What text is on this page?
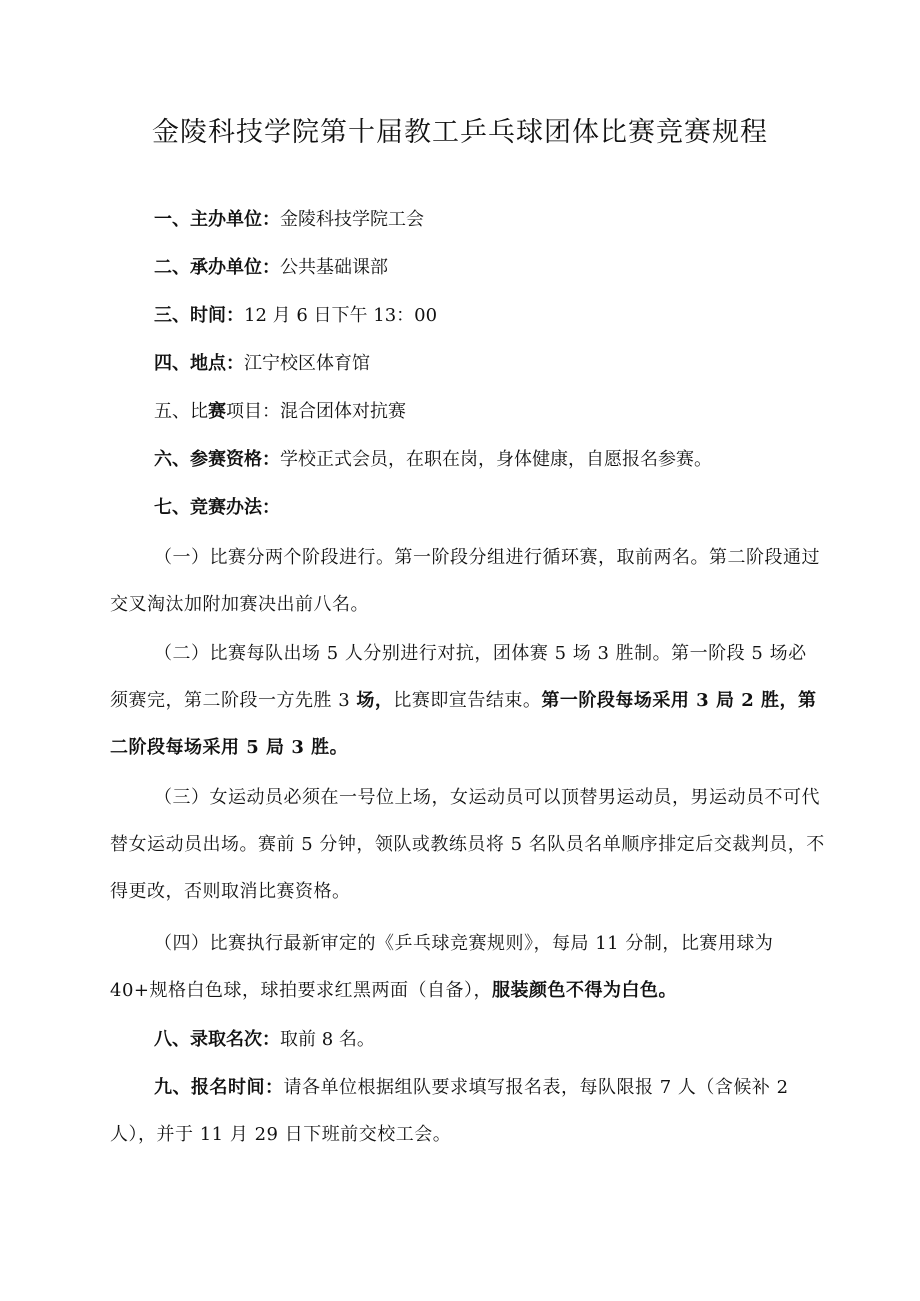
金陵科技学院第十届教工乒乓球团体比赛竞赛规程
一、主办单位：金陵科技学院工会
二、承办单位：公共基础课部
三、时间：12 月 6 日下午 13：00
四、地点：江宁校区体育馆
五、比赛项目：混合团体对抗赛
六、参赛资格：学校正式会员，在职在岗，身体健康，自愿报名参赛。
七、竞赛办法：
（一）比赛分两个阶段进行。第一阶段分组进行循环赛，取前两名。第二阶段通过交叉淘汰加附加赛决出前八名。
（二）比赛每队出场 5 人分别进行对抗，团体赛 5 场 3 胜制。第一阶段 5 场必须赛完，第二阶段一方先胜 3 场，比赛即宣告结束。第一阶段每场采用 3 局 2 胜，第二阶段每场采用 5 局 3 胜。
（三）女运动员必须在一号位上场，女运动员可以顶替男运动员，男运动员不可代替女运动员出场。赛前 5 分钟，领队或教练员将 5 名队员名单顺序排定后交裁判员，不得更改，否则取消比赛资格。
（四）比赛执行最新审定的《乒乓球竞赛规则》，每局 11 分制，比赛用球为 40+规格白色球，球拍要求红黑两面（自备），服装颜色不得为白色。
八、录取名次：取前 8 名。
九、报名时间：请各单位根据组队要求填写报名表，每队限报 7 人（含候补 2 人），并于 11 月 29 日下班前交校工会。
